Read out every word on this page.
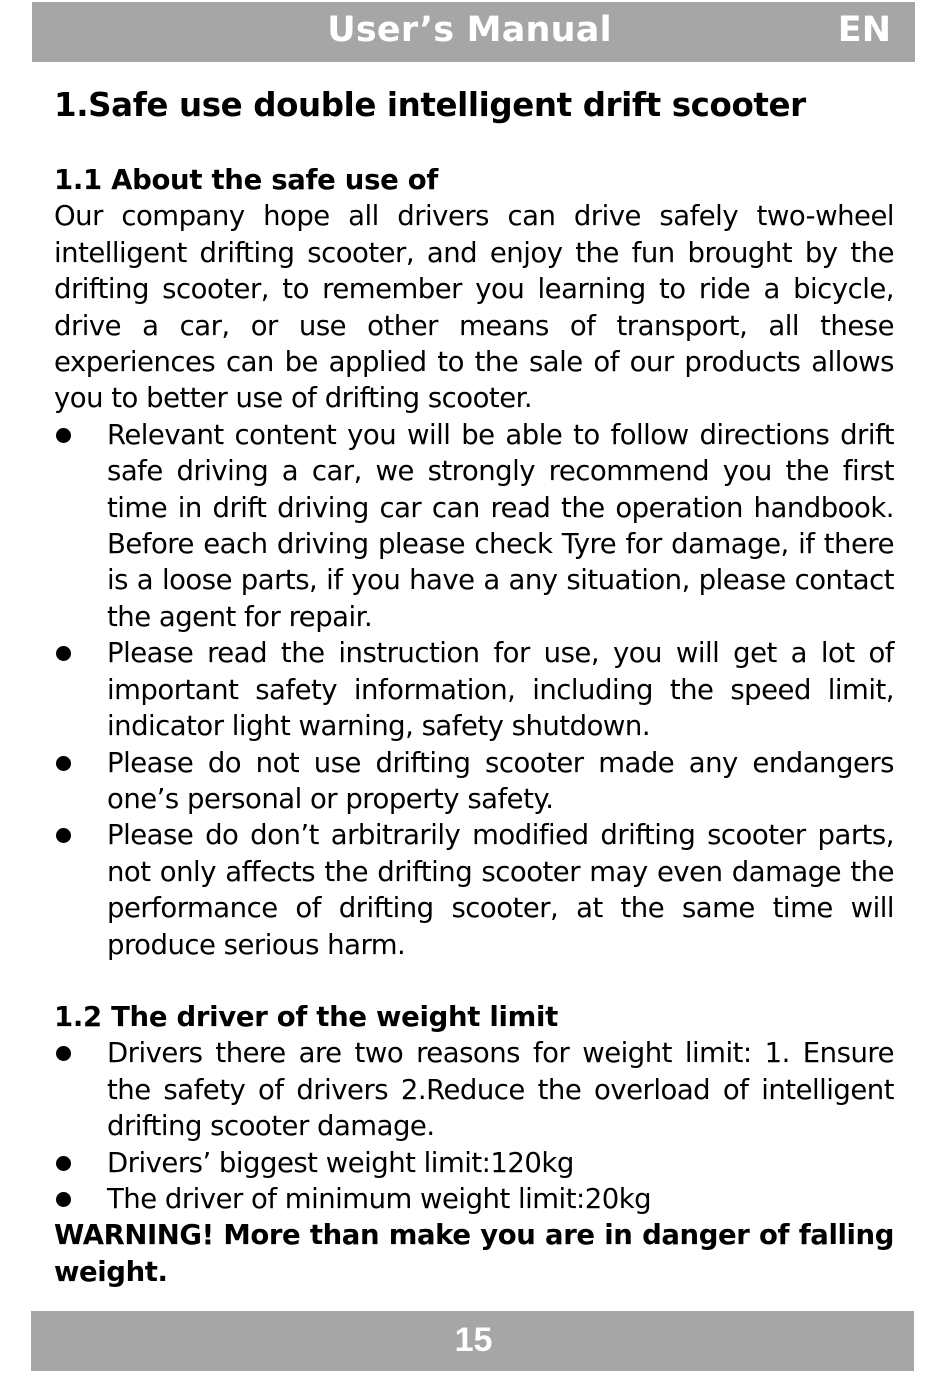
User’s Manual	EN
1.Safe use double intelligent drift scooter
1.1 About the safe use of

Our company hope all drivers can drive safely two-wheel intelligent drifting scooter, and enjoy the fun brought by the drifting scooter, to remember you learning to ride a bicycle, drive a car, or use other means of transport, all these experiences can be applied to the sale of our products allows you to better use of drifting scooter.

Relevant content you will be able to follow directions drift safe driving a car, we strongly recommend you the first time in drift driving car can read the operation handbook. Before each driving please check Tyre for damage, if there is a loose parts, if you have a any situation, please contact the agent for repair.
Please read the instruction for use, you will get a lot of important safety information, including the speed limit, indicator light warning, safety shutdown.
Please do not use drifting scooter made any endangers one’s personal or property safety.
Please do don’t arbitrarily modified drifting scooter parts, not only affects the drifting scooter may even damage the performance of drifting scooter, at the same time will produce serious harm.
1.2 The driver of the weight limit
Drivers there are two reasons for weight limit: 1. Ensure the safety of drivers 2.Reduce the overload of intelligent drifting scooter damage.
Drivers’ biggest weight limit:120kg
The driver of minimum weight limit:20kg

WARNING! More than make you are in danger of falling weight.

15
